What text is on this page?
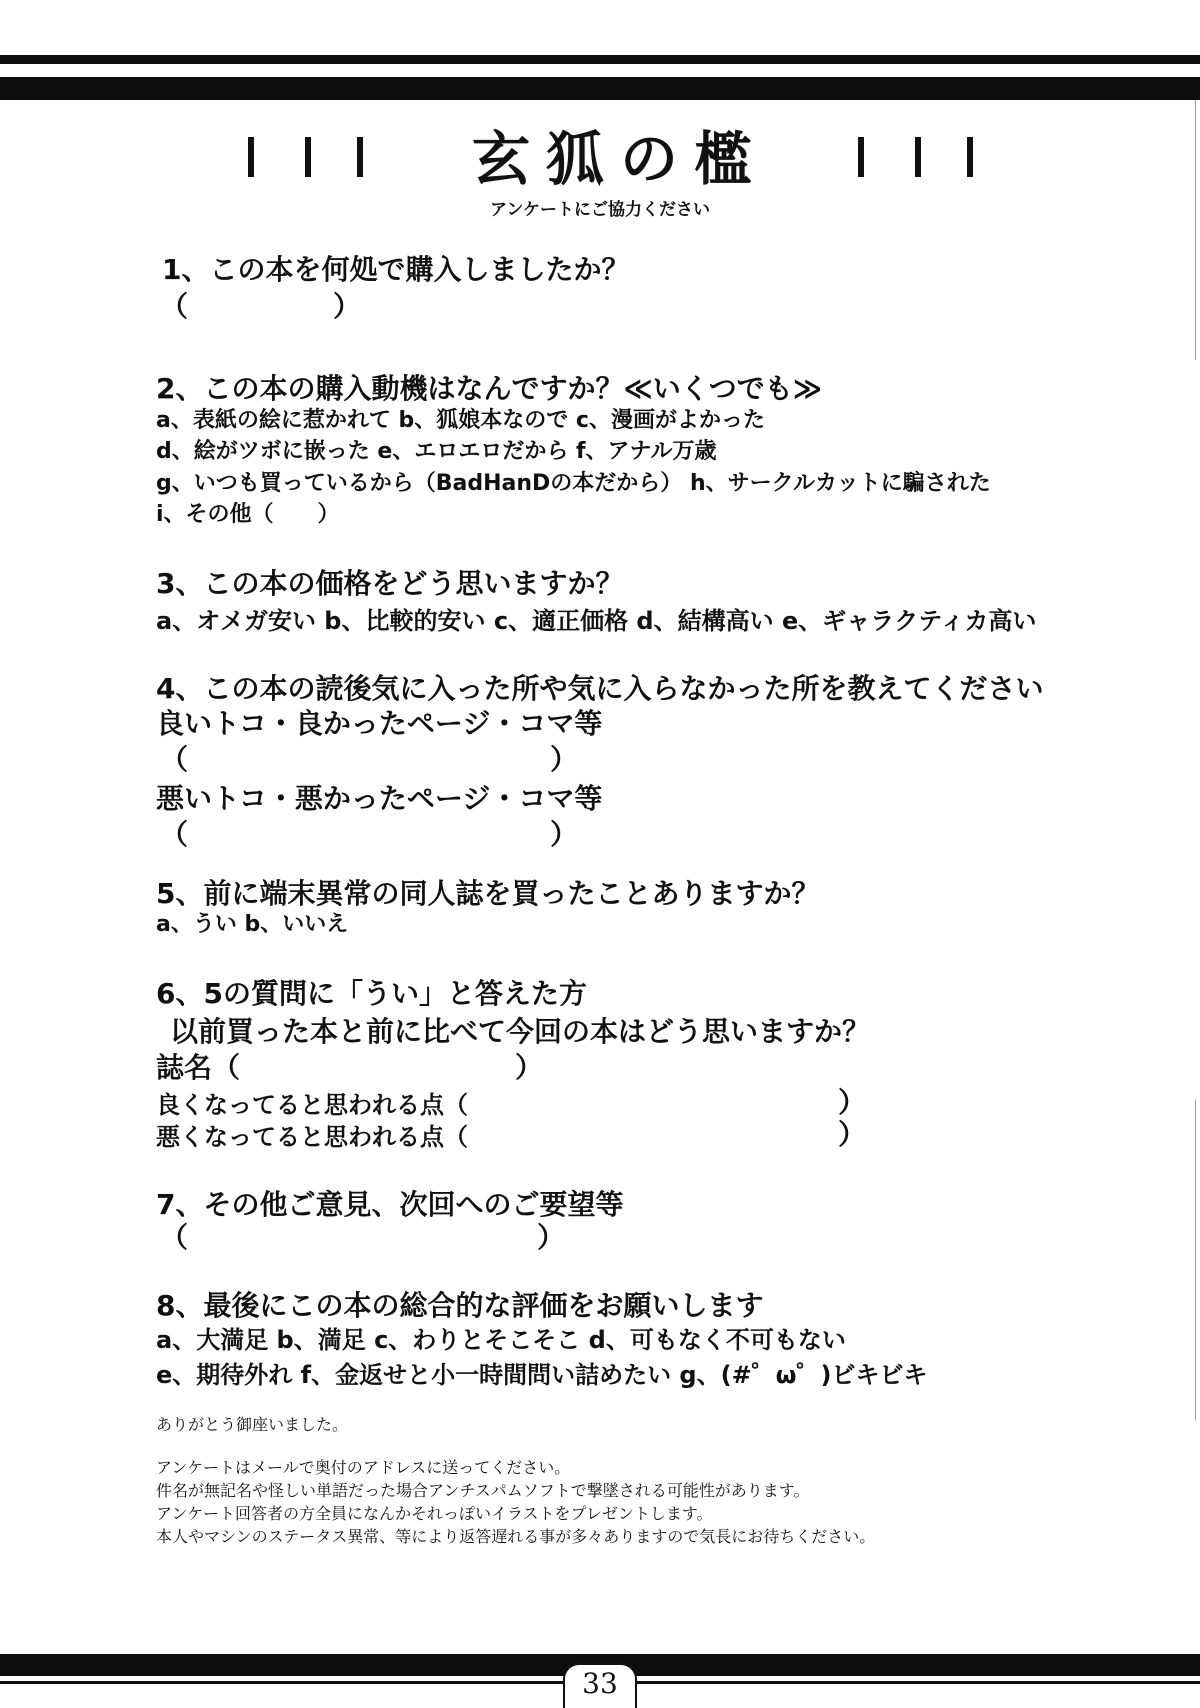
玄狐の檻
アンケートにご協力ください
1、この本を何処で購入しましたか？
（	）
2、この本の購入動機はなんですか？≪いくつでも≫
a、表紙の絵に惹かれて b、狐娘本なので c、漫画がよかった
d、絵がツボに嵌った e、エロエロだから f、アナル万歳
g、いつも買っているから（BadHanDの本だから） h、サークルカットに騙された
i、その他（　　）
3、この本の価格をどう思いますか？
a、オメガ安い b、比較的安い c、適正価格 d、結構高い e、ギャラクティカ高い
4、この本の読後気に入った所や気に入らなかった所を教えてください
良いトコ・良かったページ・コマ等
（	）
悪いトコ・悪かったページ・コマ等
（	）
5、前に端末異常の同人誌を買ったことありますか？
a、うい b、いいえ
6、5の質問に「うい」と答えた方
以前買った本と前に比べて今回の本はどう思いますか？
誌名（	）
良くなってると思われる点（	）
悪くなってると思われる点（	）
7、その他ご意見、次回へのご要望等
（	）
8、最後にこの本の総合的な評価をお願いします
a、大満足 b、満足 c、わりとそこそこ d、可もなく不可もない
e、期待外れ f、金返せと小一時間問い詰めたい g、(#゜ω゜)ビキビキ
ありがとう御座いました。
アンケートはメールで奥付のアドレスに送ってください。
件名が無記名や怪しい単語だった場合アンチスパムソフトで撃墜される可能性があります。
アンケート回答者の方全員になんかそれっぽいイラストをプレゼントします。
本人やマシンのステータス異常、等により返答遅れる事が多々ありますので気長にお待ちください。
33
